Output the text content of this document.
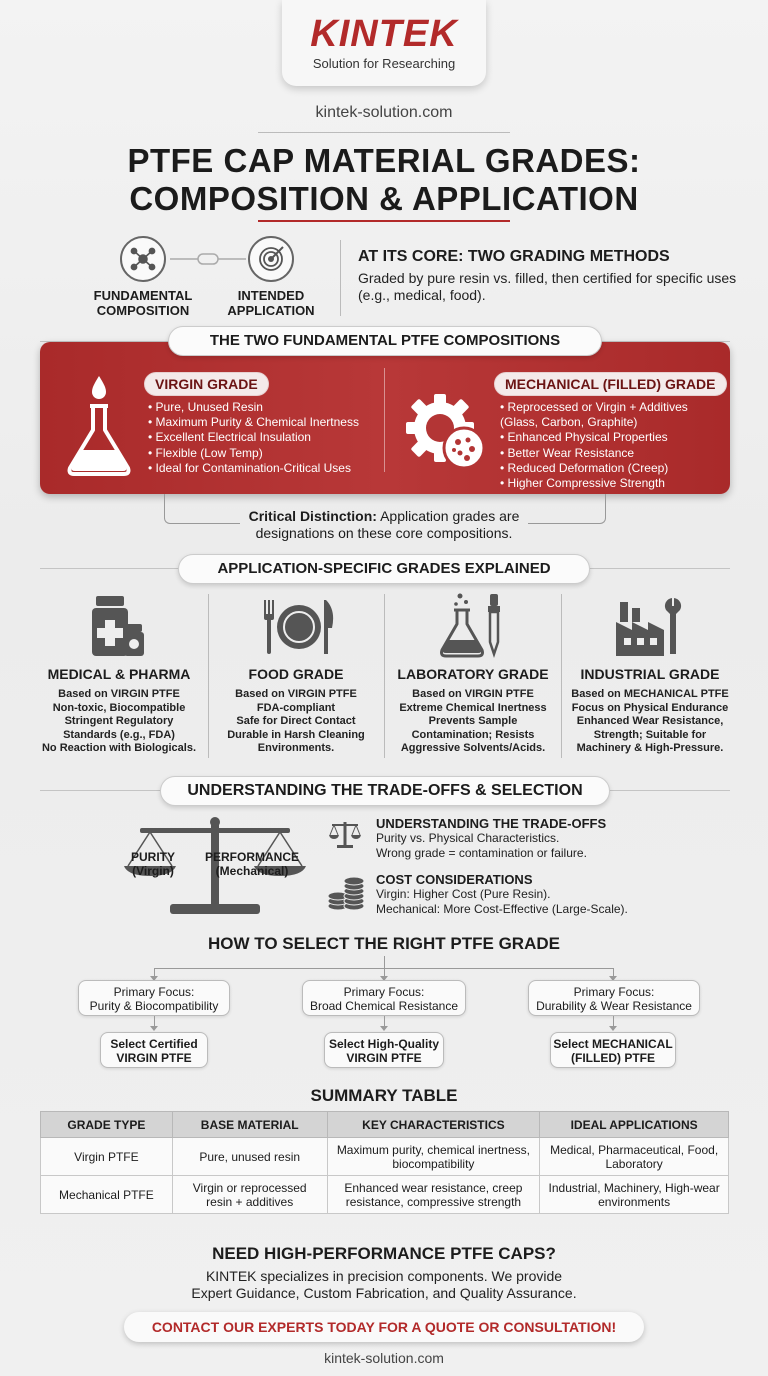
KINTEK
Solution for Researching
kintek-solution.com
PTFE CAP MATERIAL GRADES:
COMPOSITION & APPLICATION
FUNDAMENTAL COMPOSITION
INTENDED APPLICATION
AT ITS CORE: TWO GRADING METHODS
Graded by pure resin vs. filled, then certified for specific uses (e.g., medical, food).
THE TWO FUNDAMENTAL PTFE COMPOSITIONS
VIRGIN GRADE
• Pure, Unused Resin
• Maximum Purity & Chemical Inertness
• Excellent Electrical Insulation
• Flexible (Low Temp)
• Ideal for Contamination-Critical Uses
MECHANICAL (FILLED) GRADE
• Reprocessed or Virgin + Additives (Glass, Carbon, Graphite)
• Enhanced Physical Properties
• Better Wear Resistance
• Reduced Deformation (Creep)
• Higher Compressive Strength
Critical Distinction: Application grades are
designations on these core compositions.
APPLICATION-SPECIFIC GRADES EXPLAINED
MEDICAL & PHARMA
Based on VIRGIN PTFE
Non-toxic, Biocompatible
Stringent Regulatory
Standards (e.g., FDA)
No Reaction with Biologicals.
FOOD GRADE
Based on VIRGIN PTFE
FDA-compliant
Safe for Direct Contact
Durable in Harsh Cleaning
Environments.
LABORATORY GRADE
Based on VIRGIN PTFE
Extreme Chemical Inertness
Prevents Sample
Contamination; Resists
Aggressive Solvents/Acids.
INDUSTRIAL GRADE
Based on MECHANICAL PTFE
Focus on Physical Endurance
Enhanced Wear Resistance,
Strength; Suitable for
Machinery & High-Pressure.
UNDERSTANDING THE TRADE-OFFS & SELECTION
PURITY
(Virgin)
PERFORMANCE
(Mechanical)
UNDERSTANDING THE TRADE-OFFS
Purity vs. Physical Characteristics.
Wrong grade = contamination or failure.
COST CONSIDERATIONS
Virgin: Higher Cost (Pure Resin).
Mechanical: More Cost-Effective (Large-Scale).
HOW TO SELECT THE RIGHT PTFE GRADE
Primary Focus:
Purity & Biocompatibility
Primary Focus:
Broad Chemical Resistance
Primary Focus:
Durability & Wear Resistance
Select Certified
VIRGIN PTFE
Select High-Quality
VIRGIN PTFE
Select MECHANICAL
(FILLED) PTFE
SUMMARY TABLE
GRADE TYPE	BASE MATERIAL	KEY CHARACTERISTICS	IDEAL APPLICATIONS
Virgin PTFE	Pure, unused resin	Maximum purity, chemical inertness, biocompatibility	Medical, Pharmaceutical, Food, Laboratory
Mechanical PTFE	Virgin or reprocessed resin + additives	Enhanced wear resistance, creep resistance, compressive strength	Industrial, Machinery, High-wear environments
NEED HIGH-PERFORMANCE PTFE CAPS?
KINTEK specializes in precision components. We provide
Expert Guidance, Custom Fabrication, and Quality Assurance.
CONTACT OUR EXPERTS TODAY FOR A QUOTE OR CONSULTATION!
kintek-solution.com
